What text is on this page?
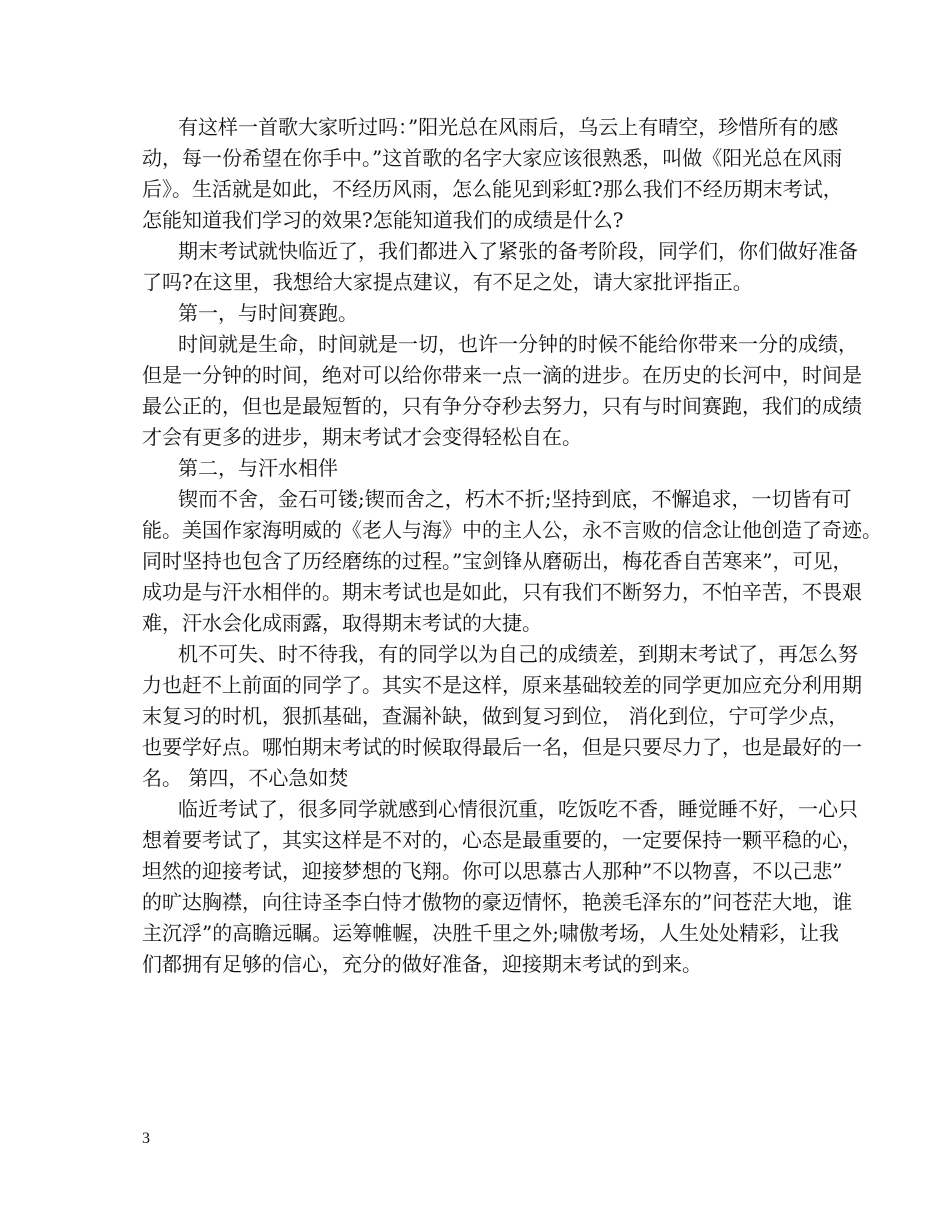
有这样一首歌大家听过吗：”阳光总在风雨后，乌云上有晴空，珍惜所有的感
动，每一份希望在你手中。”这首歌的名字大家应该很熟悉，叫做《阳光总在风雨
后》。生活就是如此，不经历风雨，怎么能见到彩虹?那么我们不经历期末考试，
怎能知道我们学习的效果?怎能知道我们的成绩是什么?
期末考试就快临近了，我们都进入了紧张的备考阶段，同学们，你们做好准备
了吗?在这里，我想给大家提点建议，有不足之处，请大家批评指正。
第一，与时间赛跑。
时间就是生命，时间就是一切，也许一分钟的时候不能给你带来一分的成绩，
但是一分钟的时间，绝对可以给你带来一点一滴的进步。在历史的长河中，时间是
最公正的，但也是最短暂的，只有争分夺秒去努力，只有与时间赛跑，我们的成绩
才会有更多的进步，期末考试才会变得轻松自在。
第二，与汗水相伴
锲而不舍，金石可镂;锲而舍之，朽木不折;坚持到底，不懈追求，一切皆有可
能。美国作家海明威的《老人与海》中的主人公，永不言败的信念让他创造了奇迹。
同时坚持也包含了历经磨练的过程。”宝剑锋从磨砺出，梅花香自苦寒来”，可见，
成功是与汗水相伴的。期末考试也是如此，只有我们不断努力，不怕辛苦，不畏艰
难，汗水会化成雨露，取得期末考试的大捷。
机不可失、时不待我，有的同学以为自己的成绩差，到期末考试了，再怎么努
力也赶不上前面的同学了。其实不是这样，原来基础较差的同学更加应充分利用期
末复习的时机，狠抓基础，查漏补缺，做到复习到位， 消化到位，宁可学少点，
也要学好点。哪怕期末考试的时候取得最后一名，但是只要尽力了，也是最好的一
名。 第四，不心急如焚
临近考试了，很多同学就感到心情很沉重，吃饭吃不香，睡觉睡不好，一心只
想着要考试了，其实这样是不对的，心态是最重要的，一定要保持一颗平稳的心，
坦然的迎接考试，迎接梦想的飞翔。你可以思慕古人那种”不以物喜，不以己悲”
的旷达胸襟，向往诗圣李白恃才傲物的豪迈情怀，艳羡毛泽东的”问苍茫大地，谁
主沉浮”的高瞻远瞩。运筹帷幄，决胜千里之外;啸傲考场，人生处处精彩，让我
们都拥有足够的信心，充分的做好准备，迎接期末考试的到来。
3
